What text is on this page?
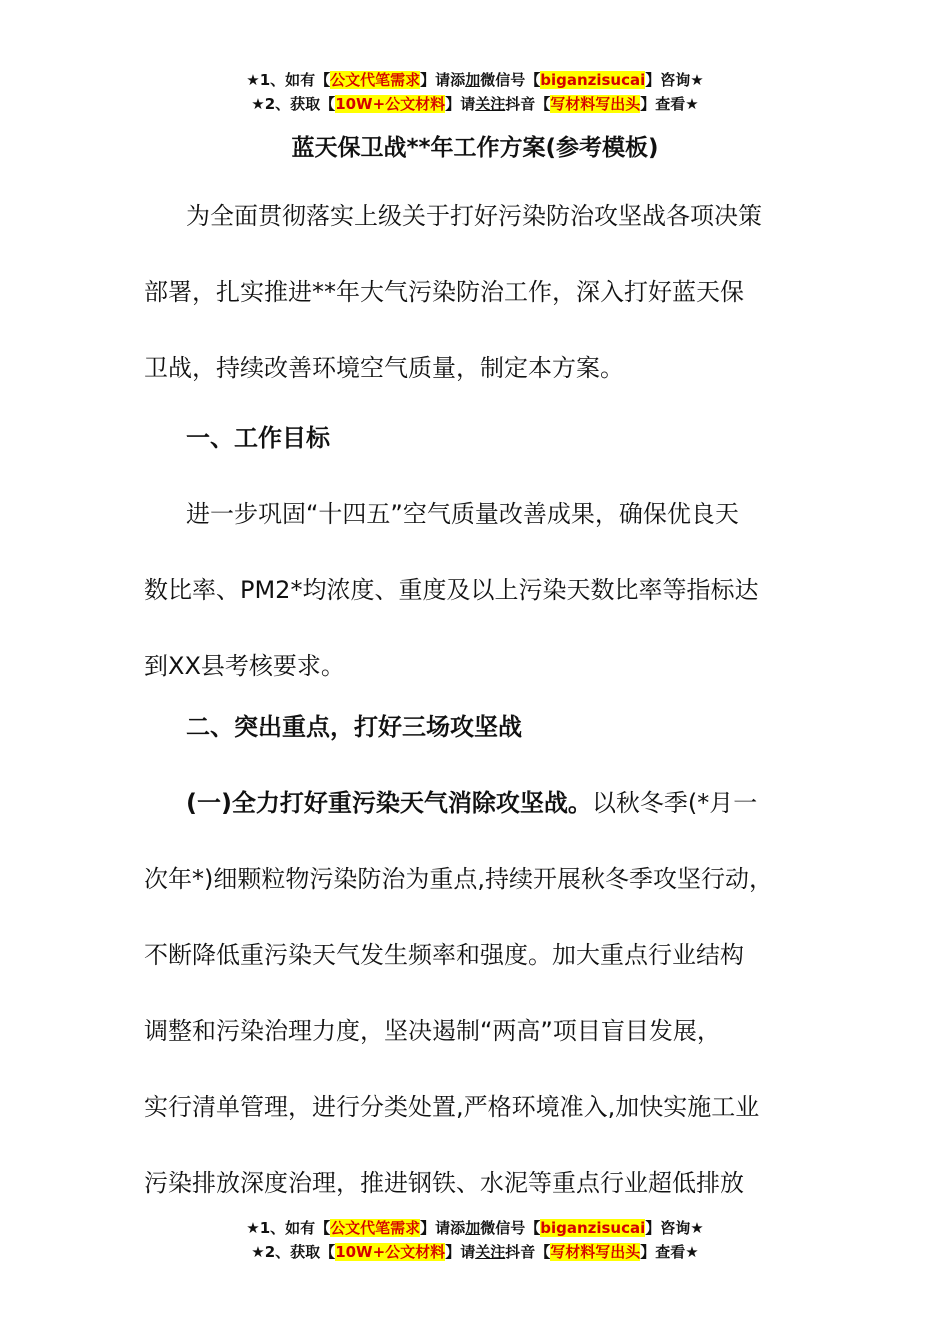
★1、如有【公文代笔需求】请添加微信号【biganzisucai】咨询★
★2、获取【10W+公文材料】请关注抖音【写材料写出头】查看★
蓝天保卫战**年工作方案(参考模板)
为全面贯彻落实上级关于打好污染防治攻坚战各项决策
部署，扎实推进**年大气污染防治工作，深入打好蓝天保
卫战，持续改善环境空气质量，制定本方案。
一、工作目标
进一步巩固“十四五”空气质量改善成果，确保优良天
数比率、PM2*均浓度、重度及以上污染天数比率等指标达
到XX县考核要求。
二、突出重点，打好三场攻坚战
(一)全力打好重污染天气消除攻坚战。以秋冬季(*月一
次年*)细颗粒物污染防治为重点,持续开展秋冬季攻坚行动，
不断降低重污染天气发生频率和强度。加大重点行业结构
调整和污染治理力度，坚决遏制“两高”项目盲目发展，
实行清单管理，进行分类处置,严格环境准入,加快实施工业
污染排放深度治理，推进钢铁、水泥等重点行业超低排放
★1、如有【公文代笔需求】请添加微信号【biganzisucai】咨询★
★2、获取【10W+公文材料】请关注抖音【写材料写出头】查看★
